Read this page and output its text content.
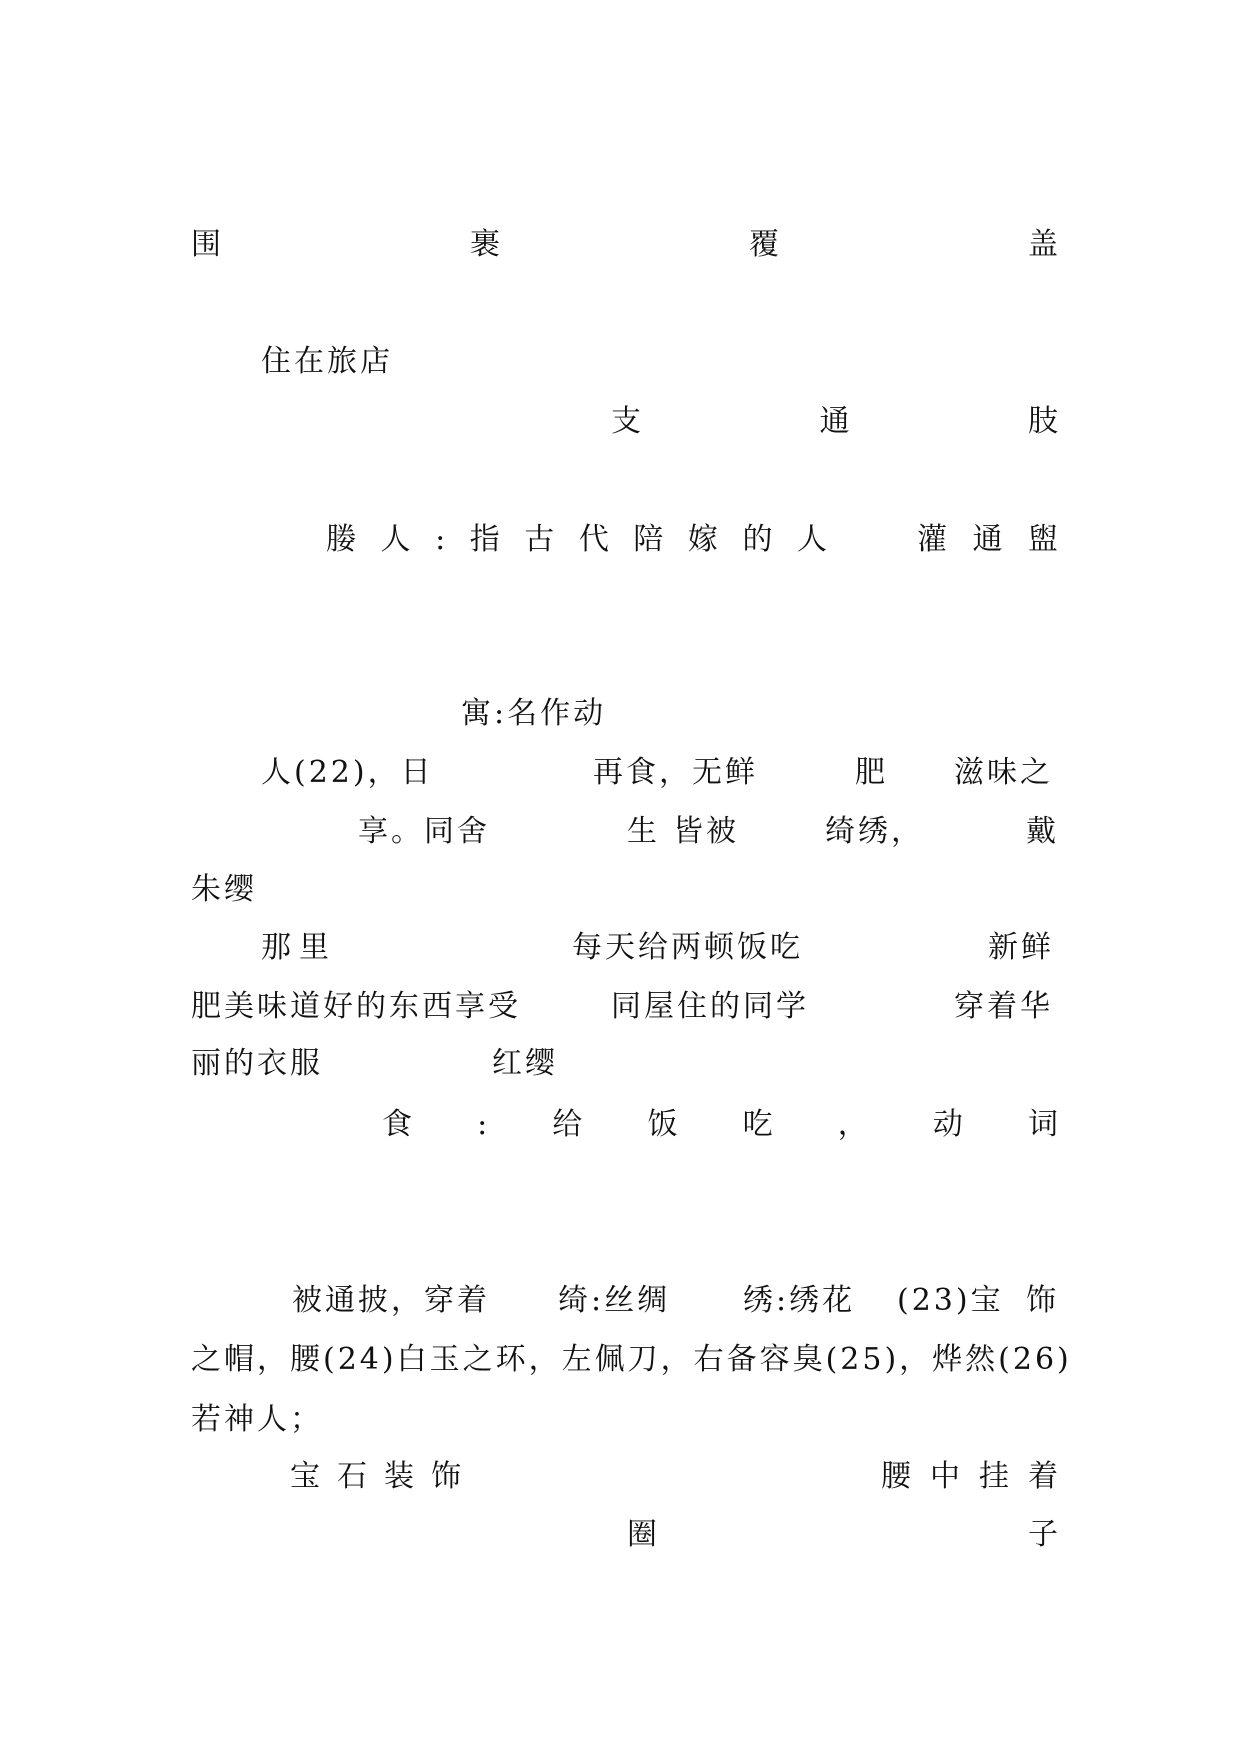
围裹覆盖
住在旅店
支通肢
媵人:指古代陪嫁的人	灌通盥
寓:名作动
人(22)，日	再食，无鲜	肥 滋味之
享。同舍	生 皆被	绮绣，	戴
朱缨
那里	每天给两顿饭吃	新鲜
肥美味道好的东西享受	同屋住的同学	穿着华
丽的衣服	红缨
食:给饭吃，动词
被通披，穿着 绮:丝绸 绣:绣花 (23)宝 饰
之帽，腰(24)白玉之环，左佩刀，右备容臭(25)，烨然(26)
若神人；
宝石装饰	腰中挂着
圈子
